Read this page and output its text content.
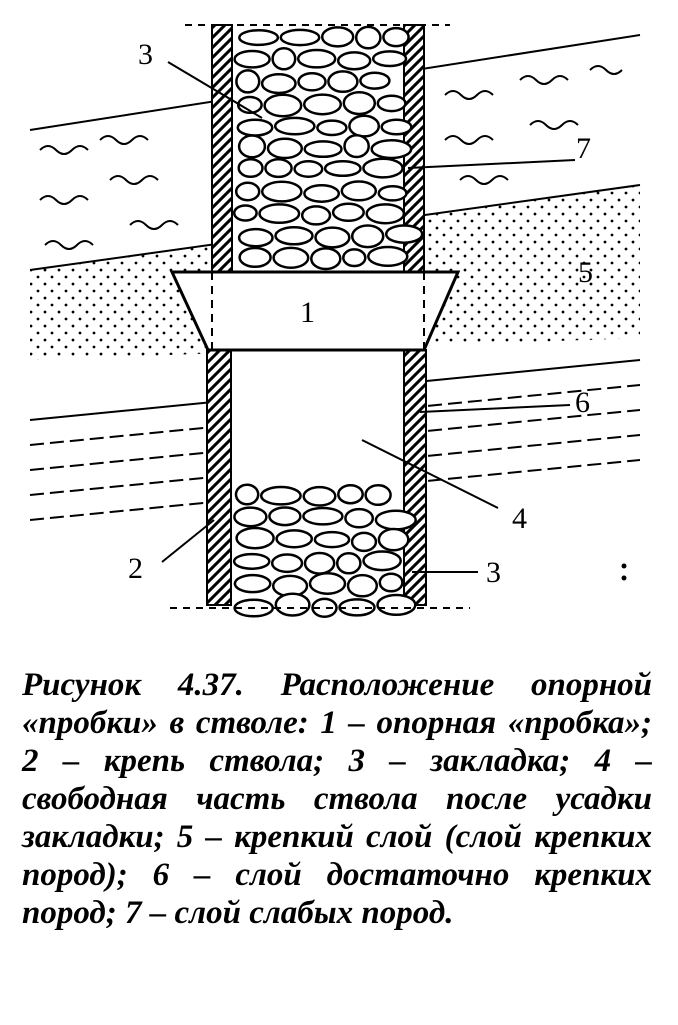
1
2
3
3
4
5
6
7
Рисунок 4.37. Расположение опорной «пробки» в стволе: 1 – опорная «пробка»; 2 – крепь ствола; 3 – закладка; 4 – свободная часть ствола после усадки закладки; 5 – крепкий слой (слой крепких пород); 6 – слой достаточно крепких пород; 7 – слой слабых пород.
